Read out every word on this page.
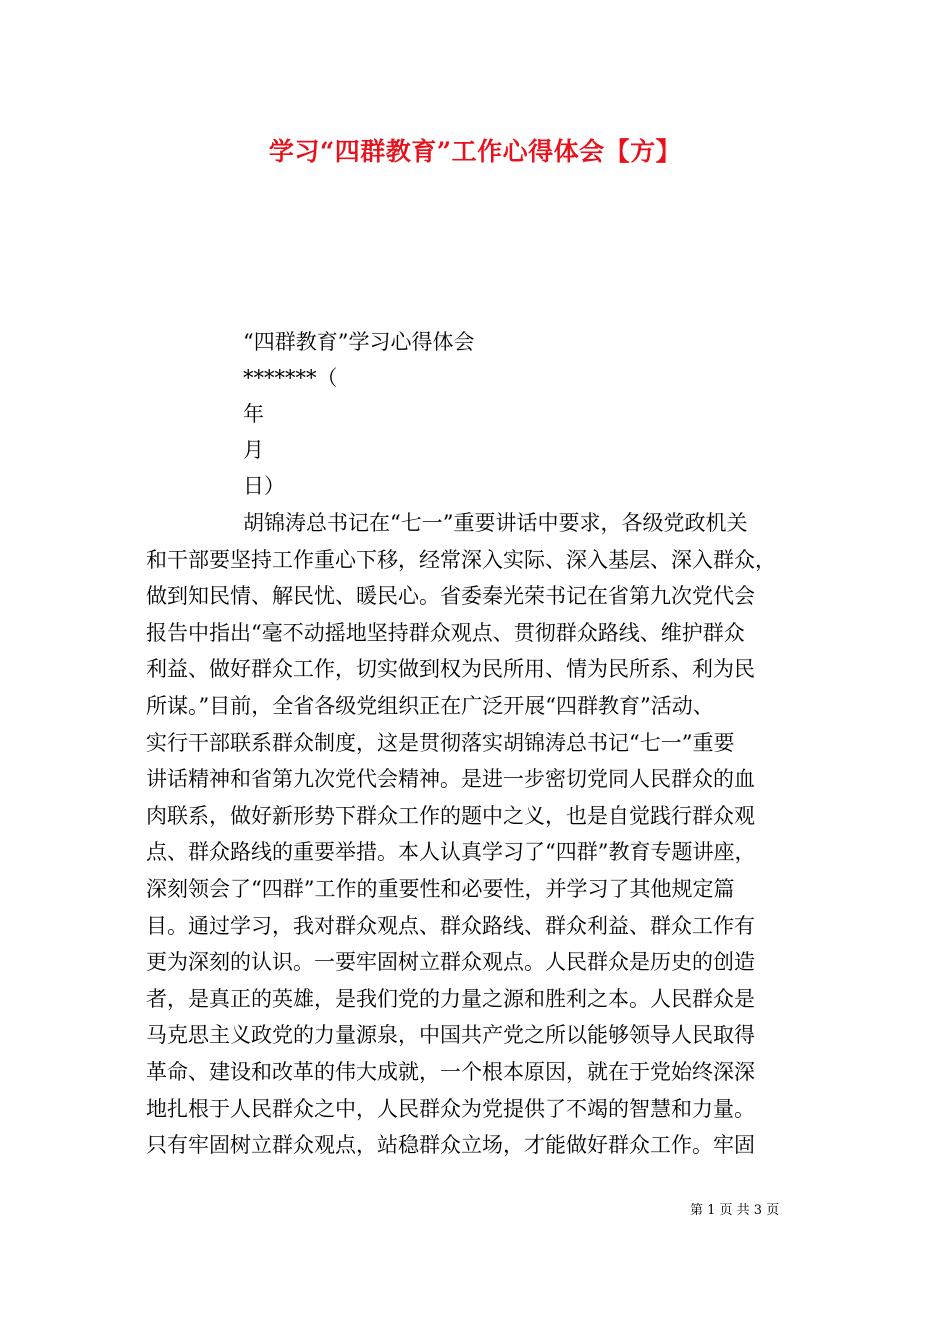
学习“四群教育”工作心得体会【方】
“四群教育”学习心得体会
*******（
年
月
日）
胡锦涛总书记在“七一”重要讲话中要求，各级党政机关
和干部要坚持工作重心下移，经常深入实际、深入基层、深入群众，
做到知民情、解民忧、暖民心。省委秦光荣书记在省第九次党代会
报告中指出“毫不动摇地坚持群众观点、贯彻群众路线、维护群众
利益、做好群众工作，切实做到权为民所用、情为民所系、利为民
所谋。”目前，全省各级党组织正在广泛开展“四群教育”活动、
实行干部联系群众制度，这是贯彻落实胡锦涛总书记“七一”重要
讲话精神和省第九次党代会精神。是进一步密切党同人民群众的血
肉联系，做好新形势下群众工作的题中之义，也是自觉践行群众观
点、群众路线的重要举措。本人认真学习了“四群”教育专题讲座，
深刻领会了“四群”工作的重要性和必要性，并学习了其他规定篇
目。通过学习，我对群众观点、群众路线、群众利益、群众工作有
更为深刻的认识。一要牢固树立群众观点。人民群众是历史的创造
者，是真正的英雄，是我们党的力量之源和胜利之本。人民群众是
马克思主义政党的力量源泉，中国共产党之所以能够领导人民取得
革命、建设和改革的伟大成就，一个根本原因，就在于党始终深深
地扎根于人民群众之中，人民群众为党提供了不竭的智慧和力量。
只有牢固树立群众观点，站稳群众立场，才能做好群众工作。牢固
第 1 页 共 3 页
